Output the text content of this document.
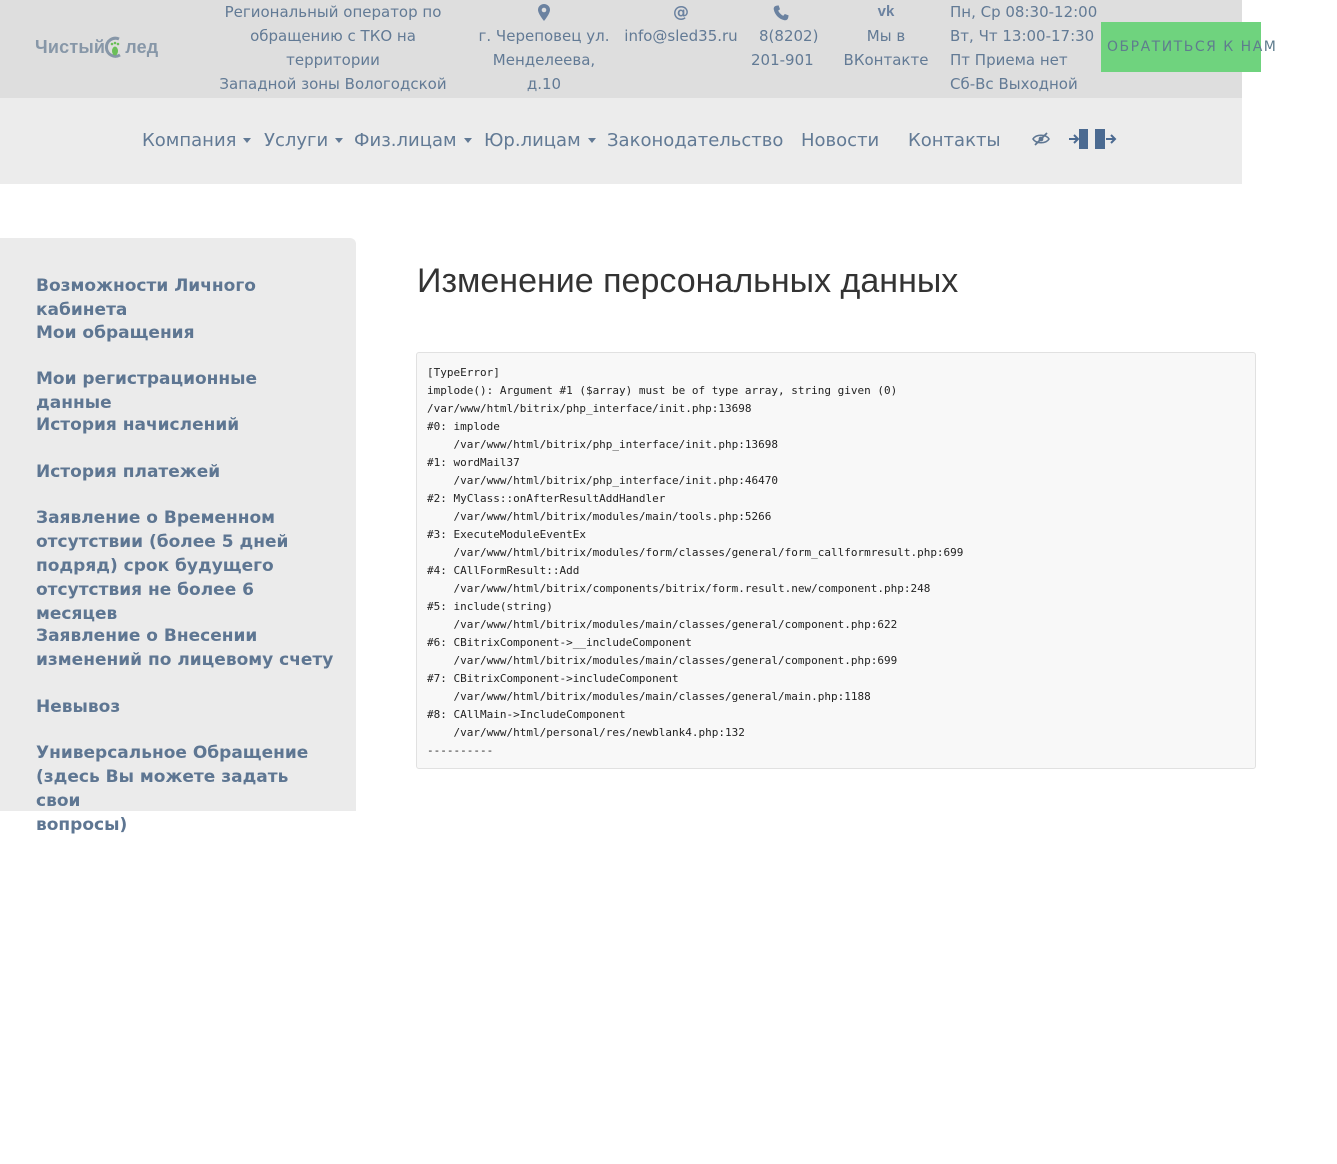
Чистый лед
Региональный оператор по
обращению с ТКО на территории
Западной зоны Вологодской
г. Череповец ул.
Менделеева, д.10
@
info@sled35.ru	8(8202)
201-901
vk
Мы в
ВКонтакте
Пн, Ср 08:30-12:00
Вт, Чт 13:00-17:30
Пт Приема нет
Сб-Вс Выходной
ОБРАТИТЬСЯ К НАМ
Компания	Услуги	Физ.лицам	Юр.лицам	Законодательство Новости Контакты
Возможности Личного кабинета
Мои обращения
Мои регистрационные данные
История начислений
История платежей
Заявление о Временном
отсутствии (более 5 дней
подряд) срок будущего
отсутствия не более 6 месяцев
Заявление о Внесении
изменений по лицевому счету
Невывоз
Универсальное Обращение
(здесь Вы можете задать свои
вопросы)
Изменение персональных данных
[TypeError]
implode(): Argument #1 ($array) must be of type array, string given (0)
/var/www/html/bitrix/php_interface/init.php:13698
#0: implode
/var/www/html/bitrix/php_interface/init.php:13698
#1: wordMail37
/var/www/html/bitrix/php_interface/init.php:46470
#2: MyClass::onAfterResultAddHandler
/var/www/html/bitrix/modules/main/tools.php:5266
#3: ExecuteModuleEventEx
/var/www/html/bitrix/modules/form/classes/general/form_callformresult.php:699
#4: CAllFormResult::Add
/var/www/html/bitrix/components/bitrix/form.result.new/component.php:248
#5: include(string)
/var/www/html/bitrix/modules/main/classes/general/component.php:622
#6: CBitrixComponent->__includeComponent
/var/www/html/bitrix/modules/main/classes/general/component.php:699
#7: CBitrixComponent->includeComponent
/var/www/html/bitrix/modules/main/classes/general/main.php:1188
#8: CAllMain->IncludeComponent
/var/www/html/personal/res/newblank4.php:132
----------
